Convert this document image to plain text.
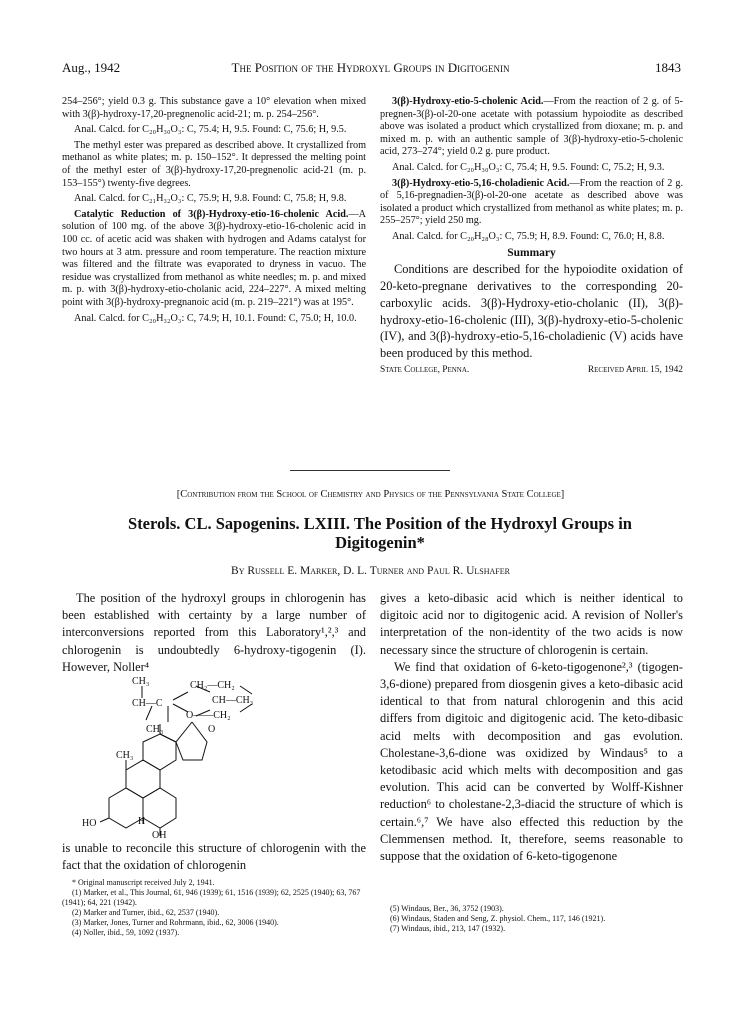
Aug., 1942	The Position of the Hydroxyl Groups in Digitogenin	1843

254–256°; yield 0.3 g. This substance gave a 10° elevation when mixed with 3(β)-hydroxy-17,20-pregnenolic acid-21; m. p. 254–256°.

Anal. Calcd. for C₂₀H₃₀O₃: C, 75.4; H, 9.5. Found: C, 75.6; H, 9.5.

The methyl ester was prepared as described above. It crystallized from methanol as white plates; m. p. 150–152°. It depressed the melting point of the methyl ester of 3(β)-hydroxy-17,20-pregnenolic acid-21 (m. p. 153–155°) twenty-five degrees.

Anal. Calcd. for C₂₁H₃₂O₃: C, 75.9; H, 9.8. Found: C, 75.8; H, 9.8.

Catalytic Reduction of 3(β)-Hydroxy-etio-16-cholenic Acid.—A solution of 100 mg. of the above 3(β)-hydroxy-etio-16-cholenic acid in 100 cc. of acetic acid was shaken with hydrogen and Adams catalyst for two hours at 3 atm. pressure and room temperature. The reaction mixture was filtered and the filtrate was evaporated to dryness in vacuo. The residue was crystallized from methanol as white needles; m. p. and mixed m. p. with 3(β)-hydroxy-etio-cholanic acid, 224–227°. A mixed melting point with 3(β)-hydroxy-pregnanoic acid (m. p. 219–221°) was at 195°.

Anal. Calcd. for C₂₀H₃₂O₃: C, 74.9; H, 10.1. Found: C, 75.0; H, 10.0.

3(β)-Hydroxy-etio-5-cholenic Acid.—From the reaction of 2 g. of 5-pregnen-3(β)-ol-20-one acetate with potassium hypoiodite as described above was isolated a product which crystallized from dioxane; m. p. and mixed m. p. with an authentic sample of 3(β)-hydroxy-etio-5-cholenic acid, 273–274°; yield 0.2 g. pure product.

Anal. Calcd. for C₂₀H₃₀O₃: C, 75.4; H, 9.5. Found: C, 75.2; H, 9.3.

3(β)-Hydroxy-etio-5,16-choladienic Acid.—From the reaction of 2 g. of 5,16-pregnadien-3(β)-ol-20-one acetate as described above was isolated a product which crystallized from methanol as white plates; m. p. 255–257°; yield 250 mg.

Anal. Calcd. for C₂₀H₂₈O₃: C, 75.9; H, 8.9. Found: C, 76.0; H, 8.8.

Summary
Conditions are described for the hypoiodite oxidation of 20-keto-pregnane derivatives to the corresponding 20-carboxylic acids. 3(β)-Hydroxy-etio-cholanic (II), 3(β)-hydroxy-etio-16-cholenic (III), 3(β)-hydroxy-etio-5-cholenic (IV), and 3(β)-hydroxy-etio-5,16-choladienic (V) acids have been produced by this method.
State College, Penna.	Received April 15, 1942
[Contribution from the School of Chemistry and Physics of the Pennsylvania State College]
Sterols. CL. Sapogenins. LXIII. The Position of the Hydroxyl Groups in
Digitogenin*
By Russell E. Marker, D. L. Turner and Paul R. Ulshafer

The position of the hydroxyl groups in chlorogenin has been established with certainty by a large number of interconversions reported from this Laboratory¹,²,³ and chlorogenin is undoubtedly 6-hydroxy-tigogenin (I). However, Noller⁴

CH₃
CH—C
CH₂—CH₂
CH—CH₃
O——CH₂
O
CH₃
CH₃
HO	H
OH

is unable to reconcile this structure of chlorogenin with the fact that the oxidation of chlorogenin

* Original manuscript received July 2, 1941.
(1) Marker, et al., This Journal, 61, 946 (1939); 61, 1516 (1939); 62, 2525 (1940); 63, 767 (1941); 64, 221 (1942).
(2) Marker and Turner, ibid., 62, 2537 (1940).
(3) Marker, Jones, Turner and Rohrmann, ibid., 62, 3006 (1940).
(4) Noller, ibid., 59, 1092 (1937).

gives a keto-dibasic acid which is neither identical to digitoic acid nor to digitogenic acid. A revision of Noller's interpretation of the non-identity of the two acids is now necessary since the structure of chlorogenin is certain.

We find that oxidation of 6-keto-tigogenone²,³ (tigogen-3,6-dione) prepared from diosgenin gives a keto-dibasic acid identical to that from natural chlorogenin and this acid differs from digitoic and digitogenic acid. The keto-dibasic acid melts with decomposition and gas evolution. Cholestane-3,6-dione was oxidized by Windaus⁵ to a ketodibasic acid which melts with decomposition and gas evolution. This acid can be converted by Wolff-Kishner reduction⁶ to cholestane-2,3-diacid the structure of which is certain.⁶,⁷ We have also effected this reduction by the Clemmensen method. It, therefore, seems reasonable to suppose that the oxidation of 6-keto-tigogenone

(5) Windaus, Ber., 36, 3752 (1903).
(6) Windaus, Staden and Seng, Z. physiol. Chem., 117, 146 (1921).
(7) Windaus, ibid., 213, 147 (1932).
